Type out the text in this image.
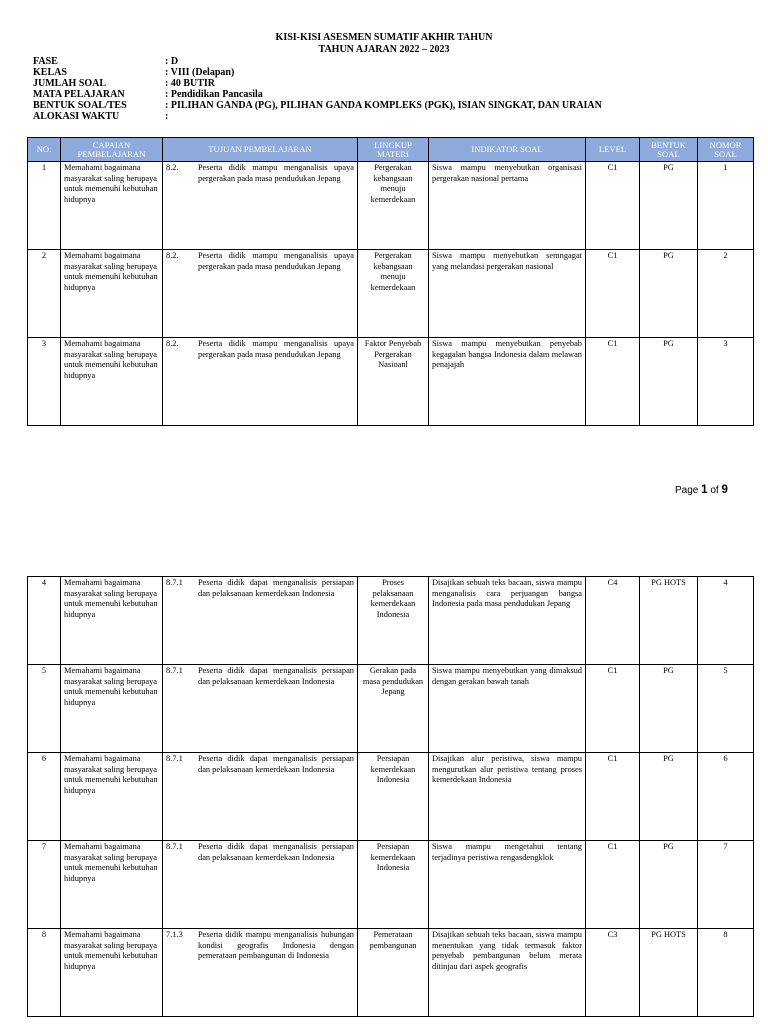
KISI-KISI ASESMEN SUMATIF AKHIR TAHUN
TAHUN AJARAN 2022 – 2023
FASE	: D
KELAS	: VIII (Delapan)
JUMLAH SOAL	: 40 BUTIR
MATA PELAJARAN	: Pendidikan Pancasila
BENTUK SOAL/TES	: PILIHAN GANDA (PG), PILIHAN GANDA KOMPLEKS (PGK), ISIAN SINGKAT, DAN URAIAN
ALOKASI WAKTU	:
NO.	CAPAIAN PEMBELAJARAN	TUJUAN PEMBELAJARAN	LINGKUP MATERI	INDIKATOR SOAL	LEVEL	BENTUK SOAL	NOMOR SOAL
1	Memahami bagaimana masyarakat saling berupaya untuk memenuhi kebutuhan hidupnya	8.2. Peserta didik mampu menganalisis upaya pergerakan pada masa pendudukan Jepang	Pergerakan kebangsaan menuju kemerdekaan	Siswa mampu menyebutkan organisasi pergerakan nasional pertama	C1	PG	1
2	Memahami bagaimana masyarakat saling berupaya untuk memenuhi kebutuhan hidupnya	8.2. Peserta didik mampu menganalisis upaya pergerakan pada masa pendudukan Jepang	Pergerakan kebangsaan menuju kemerdekaan	Siswa mampu menyebutkan semngagat yang melandasi pergerakan nasional	C1	PG	2
3	Memahami bagaimana masyarakat saling berupaya untuk memenuhi kebutuhan hidupnya	8.2. Peserta didik mampu menganalisis upaya pergerakan pada masa pendudukan Jepang	Faktor Penyebab Pergerakan Nasioanl	Siswa mampu menyebutkan penyebab kegagalan bangsa Indonesia dalam melawan penajajah	C1	PG	3
Page 1 of 9
4	Memahami bagaimana masyarakat saling berupaya untuk memenuhi kebutuhan hidupnya	8.7.1 Peserta didik dapat menganalisis persiapan dan pelaksanaan kemerdekaan Indonesia	Proses pelaksanaan kemerdekaan Indonesia	Disajikan sebuah teks bacaan, siswa mampu menganalisis cara perjuangan bangsa Indonesia pada masa pendudukan Jepang	C4	PG HOTS	4
5	Memahami bagaimana masyarakat saling berupaya untuk memenuhi kebutuhan hidupnya	8.7.1 Peserta didik dapat menganalisis persiapan dan pelaksanaan kemerdekaan Indonesia	Gerakan pada masa pendudukan Jepang	Siswa mampu menyebutkan yang dimaksud dengan gerakan bawah tanah	C1	PG	5
6	Memahami bagaimana masyarakat saling berupaya untuk memenuhi kebutuhan hidupnya	8.7.1 Peserta didik dapat menganalisis persiapan dan pelaksanaan kemerdekaan Indonesia	Persiapan kemerdekaan Indonesia	Disajikan alur peristiwa, siswa mampu mengurutkan alur peristiwa tentang proses kemerdekaan Indonesia	C1	PG	6
7	Memahami bagaimana masyarakat saling berupaya untuk memenuhi kebutuhan hidupnya	8.7.1 Peserta didik dapat menganalisis persiapan dan pelaksanaan kemerdekaan Indonesia	Persiapan kemerdekaan Indonesia	Siswa mampu mengetahui tentang terjadinya peristiwa rengasdengklok	C1	PG	7
8	Memahami bagaimana masyarakat saling berupaya untuk memenuhi kebutuhan hidupnya	7.1.3 Peserta didik mampu menganalisis hubungan kondisi geografis Indonesia dengan pemerataan pembangunan di Indonesia	Pemerataan pembangunan	Disajikan sebuah teks bacaan, siswa mampu menentukan yang tidak termasuk faktor penyebab pembangunan belum merata ditinjau dari aspek geografis	C3	PG HOTS	8
